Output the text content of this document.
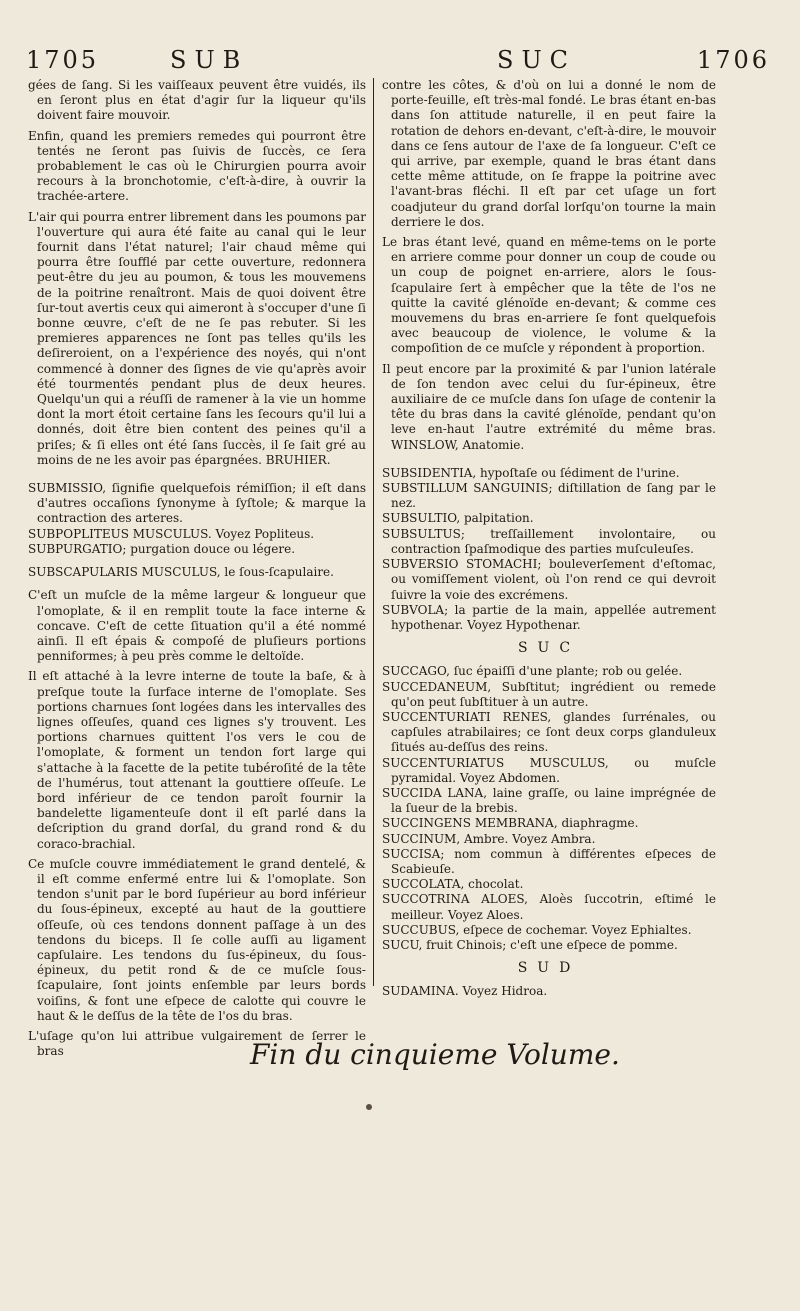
1705	SUB	SUC	1706

gées de ſang. Si les vaiſſeaux peuvent être vuidés, ils en ſeront plus en état d'agir ſur la liqueur qu'ils doivent faire mouvoir.

Enfin, quand les premiers remedes qui pourront être tentés ne ſeront pas ſuivis de ſuccès, ce ſera probablement le cas où le Chirurgien pourra avoir recours à la bronchotomie, c'eſt-à-dire, à ouvrir la trachée-artere.

L'air qui pourra entrer librement dans les poumons par l'ouverture qui aura été faite au canal qui le leur fournit dans l'état naturel; l'air chaud même qui pourra être ſoufflé par cette ouverture, redonnera peut-être du jeu au poumon, & tous les mouvemens de la poitrine renaîtront. Mais de quoi doivent être ſur-tout avertis ceux qui aimeront à s'occuper d'une ſi bonne œuvre, c'eſt de ne ſe pas rebuter. Si les premieres apparences ne ſont pas telles qu'ils les deſireroient, on a l'expérience des noyés, qui n'ont commencé à donner des ſignes de vie qu'après avoir été tourmentés pendant plus de deux heures. Quelqu'un qui a réuſſi de ramener à la vie un homme dont la mort étoit certaine ſans les ſecours qu'il lui a donnés, doit être bien content des peines qu'il a priſes; & ſi elles ont été ſans ſuccès, il ſe ſait gré au moins de ne les avoir pas épargnées. BRUHIER.

SUBMISSIO, ſignifie quelquefois rémiſſion; il eſt dans d'autres occaſions ſynonyme à ſyſtole; & marque la contraction des arteres.

SUBPOPLITEUS MUSCULUS. Voyez Popliteus.

SUBPURGATIO; purgation douce ou légere.

SUBSCAPULARIS MUSCULUS, le ſous-ſcapulaire.

C'eſt un muſcle de la même largeur & longueur que l'omoplate, & il en remplit toute la face interne & concave. C'eſt de cette ſituation qu'il a été nommé ainſi. Il eſt épais & compoſé de pluſieurs portions penniformes; à peu près comme le deltoïde.

Il eſt attaché à la levre interne de toute la baſe, & à preſque toute la ſurface interne de l'omoplate. Ses portions charnues ſont logées dans les intervalles des lignes oſſeuſes, quand ces lignes s'y trouvent. Les portions charnues quittent l'os vers le cou de l'omoplate, & forment un tendon fort large qui s'attache à la facette de la petite tubéroſité de la tête de l'humérus, tout attenant la gouttiere oſſeuſe. Le bord inférieur de ce tendon paroît fournir la bandelette ligamenteuſe dont il eſt parlé dans la deſcription du grand dorſal, du grand rond & du coraco-brachial.

Ce muſcle couvre immédiatement le grand dentelé, & il eſt comme enfermé entre lui & l'omoplate. Son tendon s'unit par le bord ſupérieur au bord inférieur du ſous-épineux, excepté au haut de la gouttiere oſſeuſe, où ces tendons donnent paſſage à un des tendons du biceps. Il ſe colle auſſi au ligament capſulaire. Les tendons du ſus-épineux, du ſous-épineux, du petit rond & de ce muſcle ſous-ſcapulaire, ſont joints enſemble par leurs bords voiſins, & font une eſpece de calotte qui couvre le haut & le deſſus de la tête de l'os du bras.

L'uſage qu'on lui attribue vulgairement de ſerrer le bras

contre les côtes, & d'où on lui a donné le nom de porte-feuille, eſt très-mal fondé. Le bras étant en-bas dans ſon attitude naturelle, il en peut faire la rotation de dehors en-devant, c'eſt-à-dire, le mouvoir dans ce ſens autour de l'axe de ſa longueur. C'eſt ce qui arrive, par exemple, quand le bras étant dans cette même attitude, on ſe frappe la poitrine avec l'avant-bras fléchi. Il eſt par cet uſage un fort coadjuteur du grand dorſal lorſqu'on tourne la main derriere le dos.

Le bras étant levé, quand en même-tems on le porte en arriere comme pour donner un coup de coude ou un coup de poignet en-arriere, alors le ſous-ſcapulaire ſert à empêcher que la tête de l'os ne quitte la cavité glénoïde en-devant; & comme ces mouvemens du bras en-arriere ſe font quelquefois avec beaucoup de violence, le volume & la compoſition de ce muſcle y répondent à proportion.

Il peut encore par la proximité & par l'union latérale de ſon tendon avec celui du ſur-épineux, être auxiliaire de ce muſcle dans ſon uſage de contenir la tête du bras dans la cavité glénoïde, pendant qu'on leve en-haut l'autre extrémité du même bras. WINSLOW, Anatomie.

SUBSIDENTIA, hypoſtaſe ou ſédiment de l'urine.

SUBSTILLUM SANGUINIS; diſtillation de ſang par le nez.

SUBSULTIO, palpitation.

SUBSULTUS; treſſaillement involontaire, ou contraction ſpaſmodique des parties muſculeuſes.

SUBVERSIO STOMACHI; bouleverſement d'eſtomac, ou vomiſſement violent, où l'on rend ce qui devroit ſuivre la voie des excrémens.

SUBVOLA; la partie de la main, appellée autrement hypothenar. Voyez Hypothenar.

SUC

SUCCAGO, ſuc épaiſſi d'une plante; rob ou gelée.

SUCCEDANEUM, Subſtitut; ingrédient ou remede qu'on peut ſubſtituer à un autre.

SUCCENTURIATI RENES, glandes ſurrénales, ou capſules atrabilaires; ce ſont deux corps glanduleux ſitués au-deſſus des reins.

SUCCENTURIATUS MUSCULUS, ou muſcle pyramidal. Voyez Abdomen.

SUCCIDA LANA, laine graſſe, ou laine imprégnée de la ſueur de la brebis.

SUCCINGENS MEMBRANA, diaphragme.

SUCCINUM, Ambre. Voyez Ambra.

SUCCISA; nom commun à différentes eſpeces de Scabieuſe.

SUCCOLATA, chocolat.

SUCCOTRINA ALOES, Aloès ſuccotrin, eſtimé le meilleur. Voyez Aloes.

SUCCUBUS, eſpece de cochemar. Voyez Ephialtes.

SUCU, fruit Chinois; c'eſt une eſpece de pomme.

SUD

SUDAMINA. Voyez Hidroa.

Fin du cinquieme Volume.
